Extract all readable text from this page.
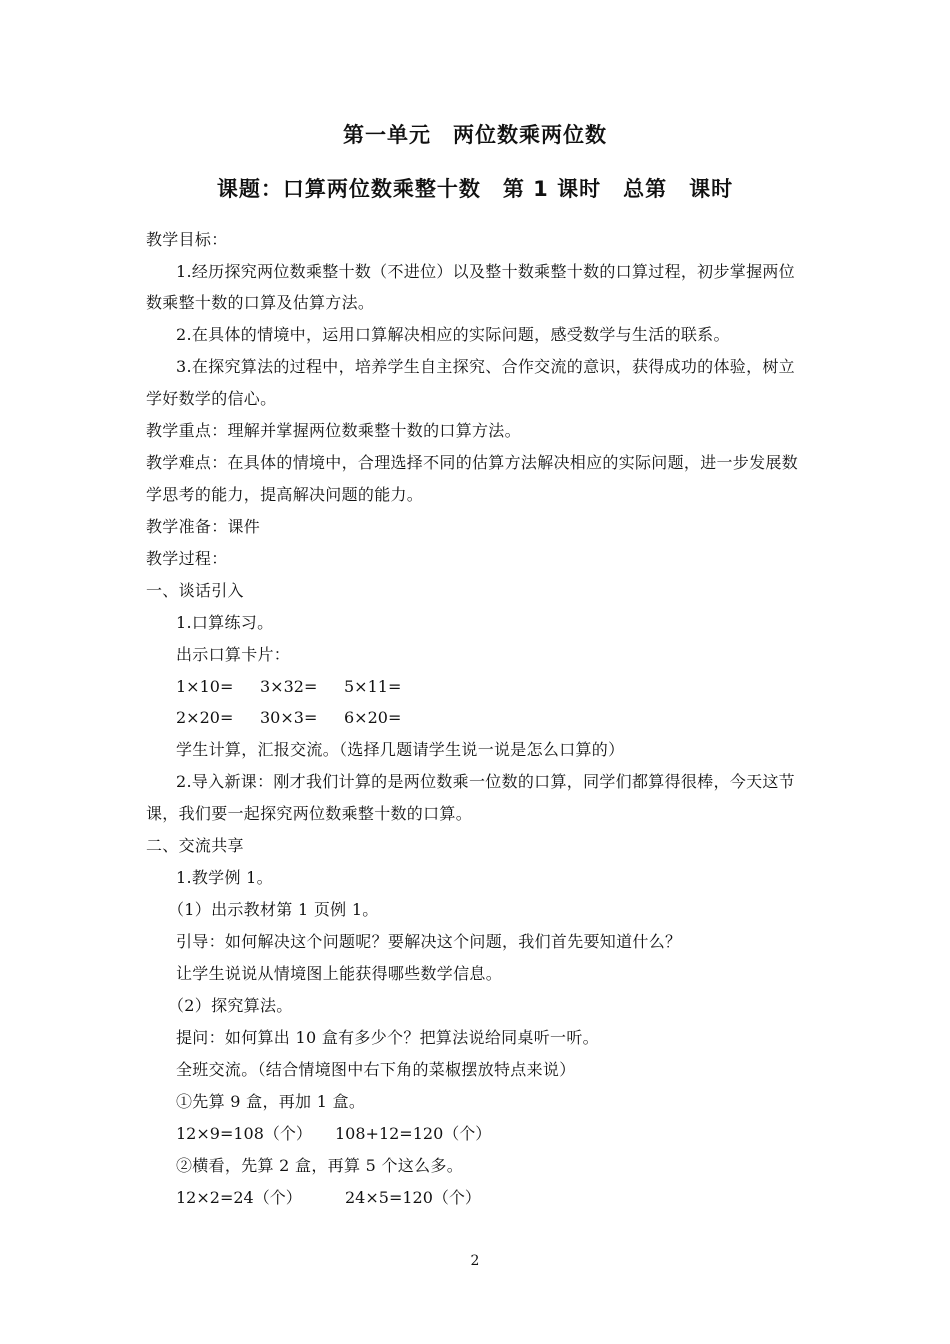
第一单元　两位数乘两位数
课题：口算两位数乘整十数　第 1 课时　总第　课时
教学目标：
1.经历探究两位数乘整十数（不进位）以及整十数乘整十数的口算过程，初步掌握两位
数乘整十数的口算及估算方法。
2.在具体的情境中，运用口算解决相应的实际问题，感受数学与生活的联系。
3.在探究算法的过程中，培养学生自主探究、合作交流的意识，获得成功的体验，树立
学好数学的信心。
教学重点：理解并掌握两位数乘整十数的口算方法。
教学难点：在具体的情境中，合理选择不同的估算方法解决相应的实际问题，进一步发展数
学思考的能力，提高解决问题的能力。
教学准备：课件
教学过程：
一、谈话引入
1.口算练习。
出示口算卡片：
1×10= 3×32= 5×11=
2×20= 30×3= 6×20=
学生计算，汇报交流。（选择几题请学生说一说是怎么口算的）
2.导入新课：刚才我们计算的是两位数乘一位数的口算，同学们都算得很棒，今天这节
课，我们要一起探究两位数乘整十数的口算。
二、交流共享
1.教学例 1。
（1）出示教材第 1 页例 1。
引导：如何解决这个问题呢？要解决这个问题，我们首先要知道什么？
让学生说说从情境图上能获得哪些数学信息。
（2）探究算法。
提问：如何算出 10 盒有多少个？把算法说给同桌听一听。
全班交流。（结合情境图中右下角的菜椒摆放特点来说）
①先算 9 盒，再加 1 盒。
12×9=108（个） 108+12=120（个）
②横看，先算 2 盒，再算 5 个这么多。
12×2=24（个）	24×5=120（个）
2
